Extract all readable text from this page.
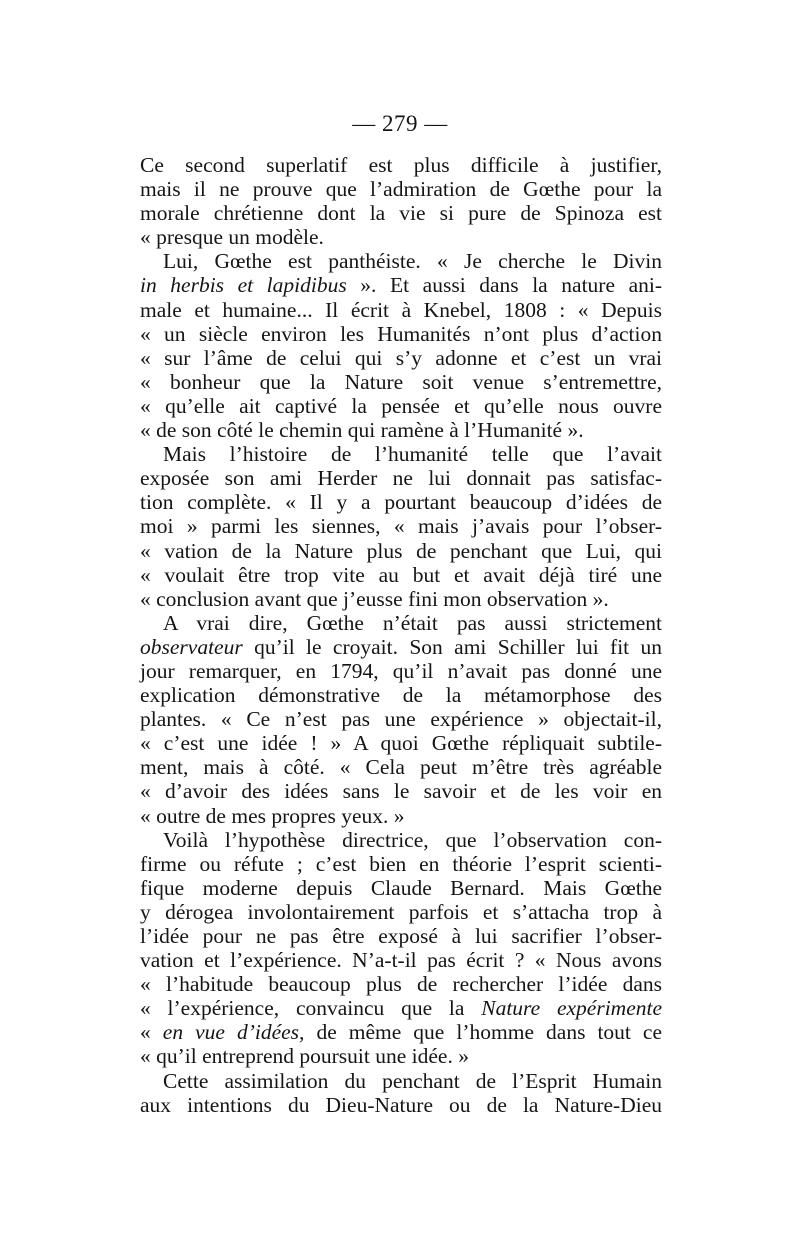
— 279 —
Ce second superlatif est plus difficile à justifier,
mais il ne prouve que l’admiration de Gœthe pour la
morale chrétienne dont la vie si pure de Spinoza est
« presque un modèle.
Lui, Gœthe est panthéiste. « Je cherche le Divin
in herbis et lapidibus ». Et aussi dans la nature ani-
male et humaine... Il écrit à Knebel, 1808 : « Depuis
« un siècle environ les Humanités n’ont plus d’action
« sur l’âme de celui qui s’y adonne et c’est un vrai
« bonheur que la Nature soit venue s’entremettre,
« qu’elle ait captivé la pensée et qu’elle nous ouvre
« de son côté le chemin qui ramène à l’Humanité ».
Mais l’histoire de l’humanité telle que l’avait
exposée son ami Herder ne lui donnait pas satisfac-
tion complète. « Il y a pourtant beaucoup d’idées de
moi » parmi les siennes, « mais j’avais pour l’obser-
« vation de la Nature plus de penchant que Lui, qui
« voulait être trop vite au but et avait déjà tiré une
« conclusion avant que j’eusse fini mon observation ».
A vrai dire, Gœthe n’était pas aussi strictement
observateur qu’il le croyait. Son ami Schiller lui fit un
jour remarquer, en 1794, qu’il n’avait pas donné une
explication démonstrative de la métamorphose des
plantes. « Ce n’est pas une expérience » objectait-il,
« c’est une idée ! » A quoi Gœthe répliquait subtile-
ment, mais à côté. « Cela peut m’être très agréable
« d’avoir des idées sans le savoir et de les voir en
« outre de mes propres yeux. »
Voilà l’hypothèse directrice, que l’observation con-
firme ou réfute ; c’est bien en théorie l’esprit scienti-
fique moderne depuis Claude Bernard. Mais Gœthe
y dérogea involontairement parfois et s’attacha trop à
l’idée pour ne pas être exposé à lui sacrifier l’obser-
vation et l’expérience. N’a-t-il pas écrit ? « Nous avons
« l’habitude beaucoup plus de rechercher l’idée dans
« l’expérience, convaincu que la Nature expérimente
« en vue d’idées, de même que l’homme dans tout ce
« qu’il entreprend poursuit une idée. »
Cette assimilation du penchant de l’Esprit Humain
aux intentions du Dieu-Nature ou de la Nature-Dieu
